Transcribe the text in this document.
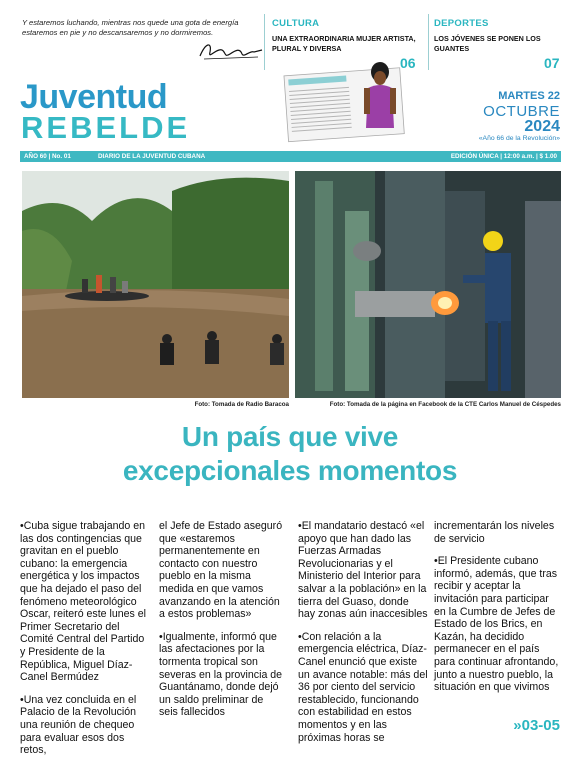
Y estaremos luchando, mientras nos quede una gota de energía estaremos en pie y no descansaremos y no dormiremos.
CULTURA
UNA EXTRAORDINARIA MUJER ARTISTA, PLURAL Y DIVERSA
06
DEPORTES
LOS JÓVENES SE PONEN LOS GUANTES
07
Juventud
REBELDE
MARTES 22
OCTUBRE
2024
«Año 66 de la Revolución»
AÑO 60 | No. 01	DIARIO DE LA JUVENTUD CUBANA	EDICIÓN ÚNICA | 12:00 a.m. | $ 1.00
Foto: Tomada de Radio Baracoa	Foto: Tomada de la página en Facebook de la CTE Carlos Manuel de Céspedes
Un país que vive
excepcionales momentos

•Cuba sigue trabajando en las dos contingencias que gravitan en el pueblo cubano: la emergencia energética y los impactos que ha dejado el paso del fenómeno meteorológico Oscar, reiteró este lunes el Primer Secretario del Comité Central del Partido y Presidente de la República, Miguel Díaz-Canel Bermúdez

•Una vez concluida en el Palacio de la Revolución una reunión de chequeo para evaluar esos dos retos,

el Jefe de Estado aseguró que «estaremos permanentemente en contacto con nuestro pueblo en la misma medida en que vamos avanzando en la atención a estos problemas»

•Igualmente, informó que las afectaciones por la tormenta tropical son severas en la provincia de Guantánamo, donde dejó un saldo preliminar de seis fallecidos

•El mandatario destacó «el apoyo que han dado las Fuerzas Armadas Revolucionarias y el Ministerio del Interior para salvar a la población» en la tierra del Guaso, donde hay zonas aún inaccesibles

•Con relación a la emergencia eléctrica, Díaz-Canel enunció que existe un avance notable: más del 36 por ciento del servicio restablecido, funcionando con estabilidad en estos momentos y en las próximas horas se

incrementarán los niveles de servicio

•El Presidente cubano informó, además, que tras recibir y aceptar la invitación para participar en la Cumbre de Jefes de Estado de los Brics, en Kazán, ha decidido permanecer en el país para continuar afrontando, junto a nuestro pueblo, la situación en que vivimos

»03-05
